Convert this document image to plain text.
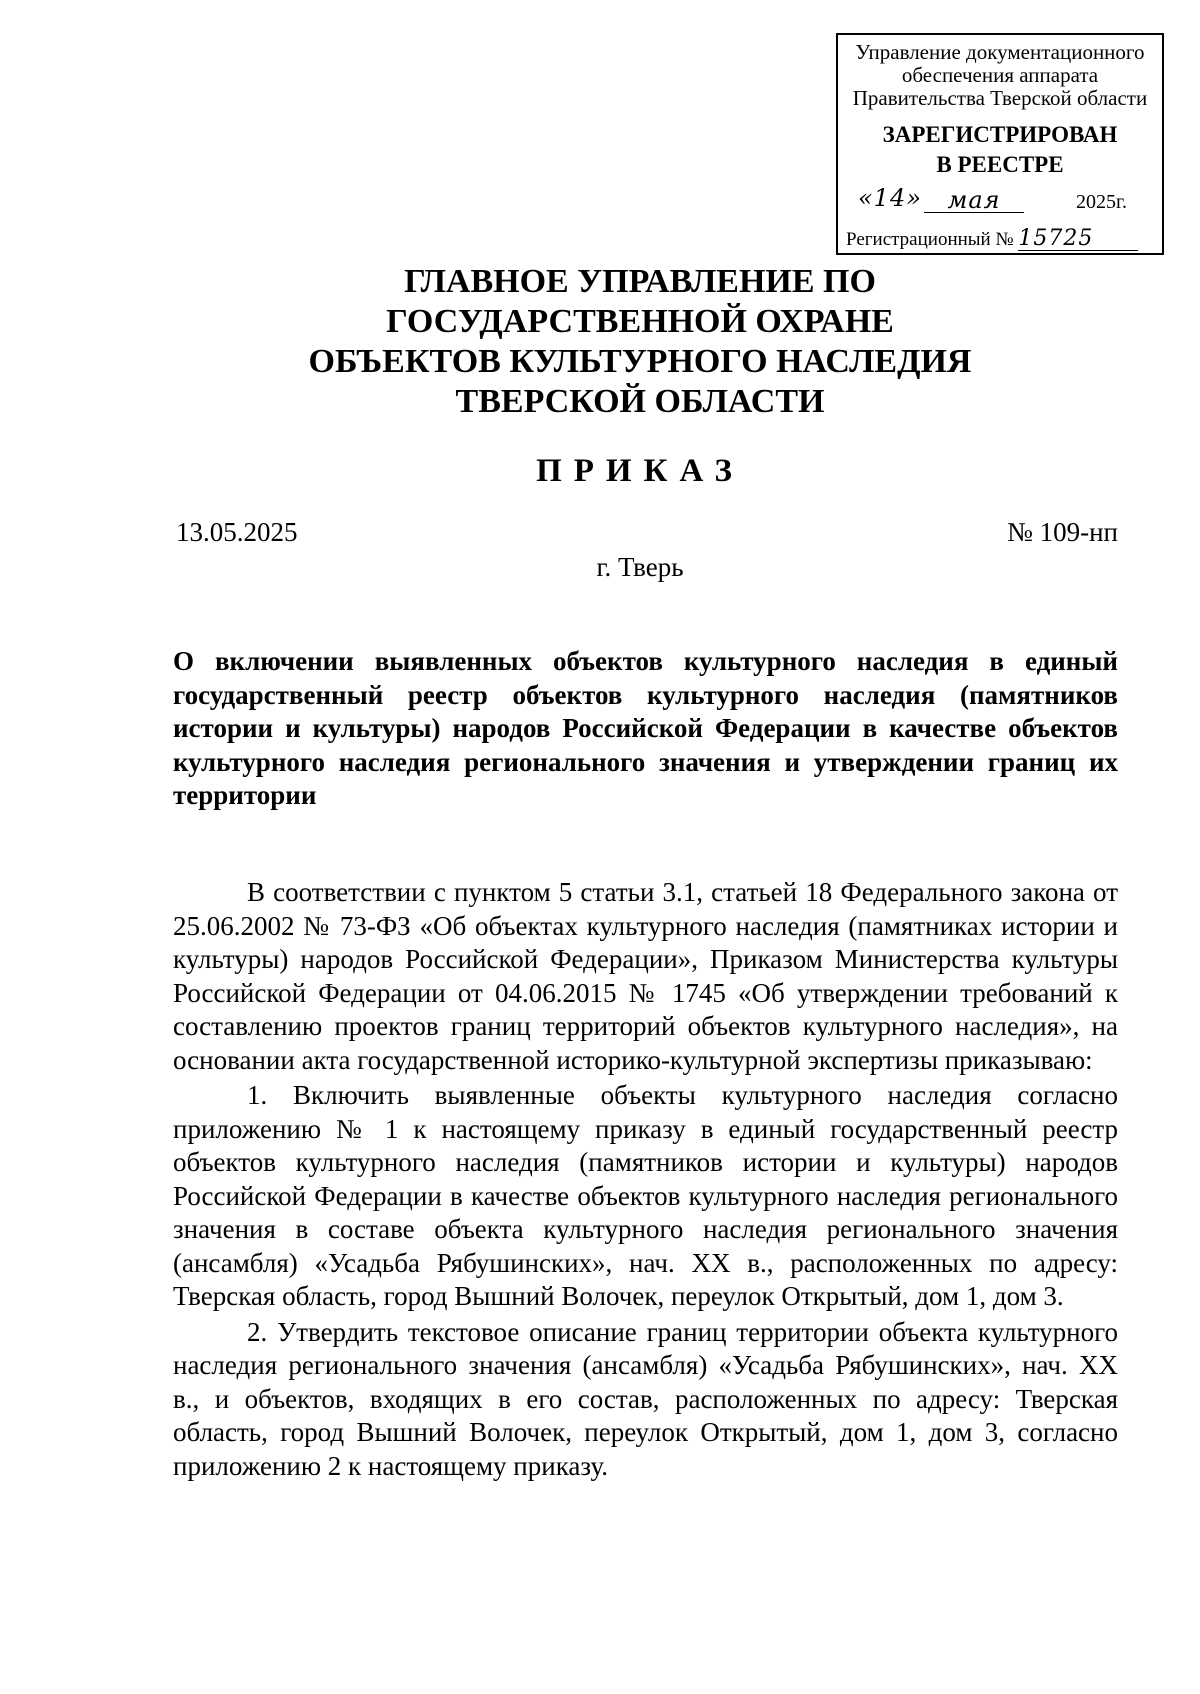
Управление документационного
обеспечения аппарата
Правительства Тверской области
ЗАРЕГИСТРИРОВАН
В РЕЕСТРЕ
«14»	мая	2025г.
Регистрационный № 15725
ГЛАВНОЕ УПРАВЛЕНИЕ ПО
ГОСУДАРСТВЕННОЙ ОХРАНЕ
ОБЪЕКТОВ КУЛЬТУРНОГО НАСЛЕДИЯ
ТВЕРСКОЙ ОБЛАСТИ
ПРИКАЗ
13.05.2025	№ 109-нп
г. Тверь
О включении выявленных объектов культурного наследия в единый государственный реестр объектов культурного наследия (памятников истории и культуры) народов Российской Федерации в качестве объектов культурного наследия регионального значения и утверждении границ их территории

В соответствии с пунктом 5 статьи 3.1, статьей 18 Федерального закона от 25.06.2002 № 73-ФЗ «Об объектах культурного наследия (памятниках истории и культуры) народов Российской Федерации», Приказом Министерства культуры Российской Федерации от 04.06.2015 № 1745 «Об утверждении требований к составлению проектов границ территорий объектов культурного наследия», на основании акта государственной историко-культурной экспертизы приказываю:

1. Включить выявленные объекты культурного наследия согласно приложению № 1 к настоящему приказу в единый государственный реестр объектов культурного наследия (памятников истории и культуры) народов Российской Федерации в качестве объектов культурного наследия регионального значения в составе объекта культурного наследия регионального значения (ансамбля) «Усадьба Рябушинских», нач. XX в., расположенных по адресу: Тверская область, город Вышний Волочек, переулок Открытый, дом 1, дом 3.

2. Утвердить текстовое описание границ территории объекта культурного наследия регионального значения (ансамбля) «Усадьба Рябушинских», нач. XX в., и объектов, входящих в его состав, расположенных по адресу: Тверская область, город Вышний Волочек, переулок Открытый, дом 1, дом 3, согласно приложению 2 к настоящему приказу.
